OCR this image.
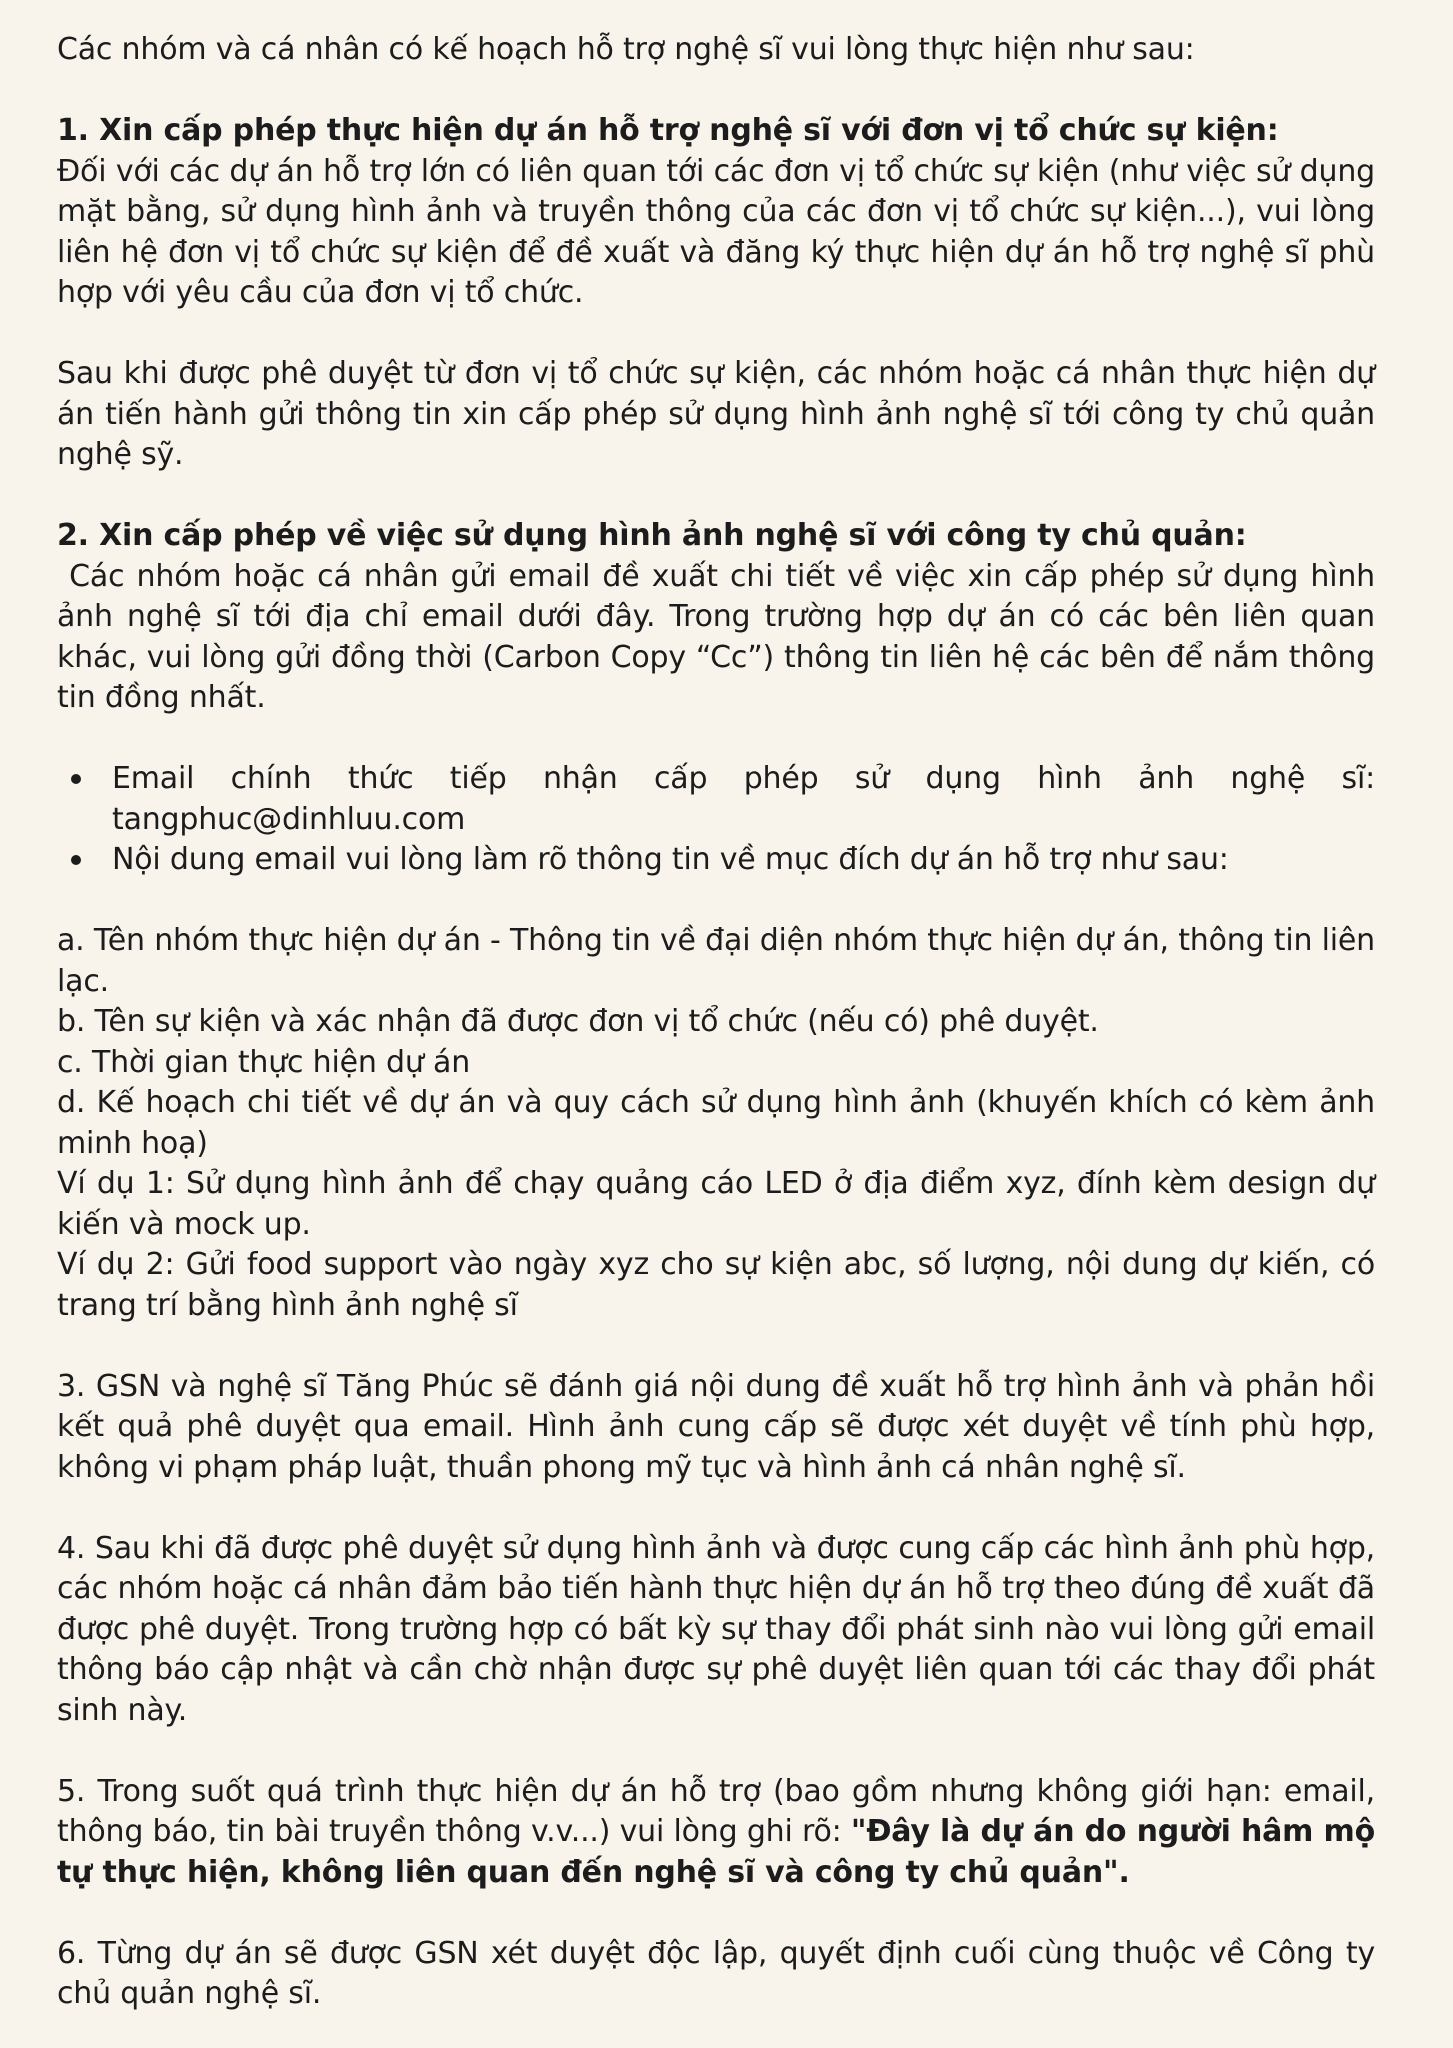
Các nhóm và cá nhân có kế hoạch hỗ trợ nghệ sĩ vui lòng thực hiện như sau:

1. Xin cấp phép thực hiện dự án hỗ trợ nghệ sĩ với đơn vị tổ chức sự kiện:

Đối với các dự án hỗ trợ lớn có liên quan tới các đơn vị tổ chức sự kiện (như việc sử dụng mặt bằng, sử dụng hình ảnh và truyền thông của các đơn vị tổ chức sự kiện...), vui lòng liên hệ đơn vị tổ chức sự kiện để đề xuất và đăng ký thực hiện dự án hỗ trợ nghệ sĩ phù hợp với yêu cầu của đơn vị tổ chức.

Sau khi được phê duyệt từ đơn vị tổ chức sự kiện, các nhóm hoặc cá nhân thực hiện dự án tiến hành gửi thông tin xin cấp phép sử dụng hình ảnh nghệ sĩ tới công ty chủ quản nghệ sỹ.

2. Xin cấp phép về việc sử dụng hình ảnh nghệ sĩ với công ty chủ quản:

Các nhóm hoặc cá nhân gửi email đề xuất chi tiết về việc xin cấp phép sử dụng hình ảnh nghệ sĩ tới địa chỉ email dưới đây. Trong trường hợp dự án có các bên liên quan khác, vui lòng gửi đồng thời (Carbon Copy “Cc”) thông tin liên hệ các bên để nắm thông tin đồng nhất.

Email chính thức tiếp nhận cấp phép sử dụng hình ảnh nghệ sĩ: tangphuc@dinhluu.com
Nội dung email vui lòng làm rõ thông tin về mục đích dự án hỗ trợ như sau:

a. Tên nhóm thực hiện dự án - Thông tin về đại diện nhóm thực hiện dự án, thông tin liên lạc.

b. Tên sự kiện và xác nhận đã được đơn vị tổ chức (nếu có) phê duyệt.

c. Thời gian thực hiện dự án

d. Kế hoạch chi tiết về dự án và quy cách sử dụng hình ảnh (khuyến khích có kèm ảnh minh hoạ)

Ví dụ 1: Sử dụng hình ảnh để chạy quảng cáo LED ở địa điểm xyz, đính kèm design dự kiến và mock up.

Ví dụ 2: Gửi food support vào ngày xyz cho sự kiện abc, số lượng, nội dung dự kiến, có trang trí bằng hình ảnh nghệ sĩ

3. GSN và nghệ sĩ Tăng Phúc sẽ đánh giá nội dung đề xuất hỗ trợ hình ảnh và phản hồi kết quả phê duyệt qua email. Hình ảnh cung cấp sẽ được xét duyệt về tính phù hợp, không vi phạm pháp luật, thuần phong mỹ tục và hình ảnh cá nhân nghệ sĩ.

4. Sau khi đã được phê duyệt sử dụng hình ảnh và được cung cấp các hình ảnh phù hợp, các nhóm hoặc cá nhân đảm bảo tiến hành thực hiện dự án hỗ trợ theo đúng đề xuất đã được phê duyệt. Trong trường hợp có bất kỳ sự thay đổi phát sinh nào vui lòng gửi email thông báo cập nhật và cần chờ nhận được sự phê duyệt liên quan tới các thay đổi phát sinh này.

5. Trong suốt quá trình thực hiện dự án hỗ trợ (bao gồm nhưng không giới hạn: email, thông báo, tin bài truyền thông v.v...) vui lòng ghi rõ: "Đây là dự án do người hâm mộ tự thực hiện, không liên quan đến nghệ sĩ và công ty chủ quản".

6. Từng dự án sẽ được GSN xét duyệt độc lập, quyết định cuối cùng thuộc về Công ty chủ quản nghệ sĩ.
